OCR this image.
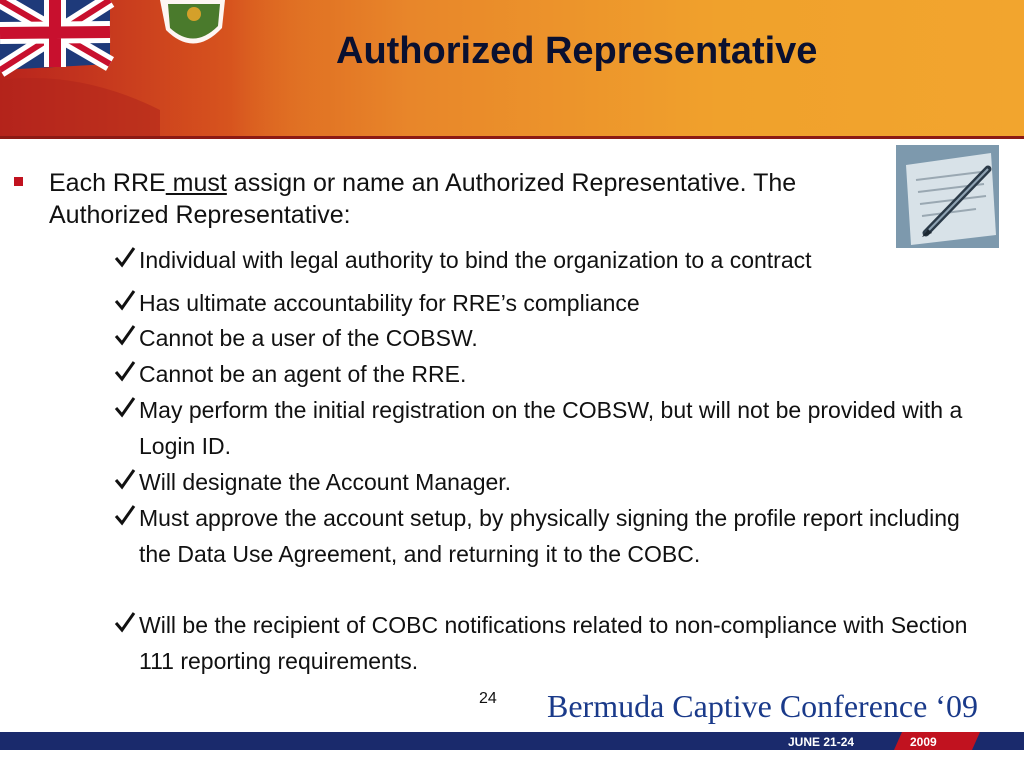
Authorized Representative
Each RRE must assign or name an Authorized Representative. The Authorized Representative:
Individual with legal authority to bind the organization to a contract
Has ultimate accountability for RRE’s compliance
Cannot be a user of the COBSW.
Cannot be an agent of the RRE.
May perform the initial registration on the COBSW, but will not be provided with a Login ID.
Will designate the Account Manager.
Must approve the account setup, by physically signing the profile report including the Data Use Agreement, and returning it to the COBC.
Will be the recipient of COBC notifications related to non-compliance with Section 111 reporting requirements.
24 Bermuda Captive Conference ‘09
JUNE 21-24	2009
